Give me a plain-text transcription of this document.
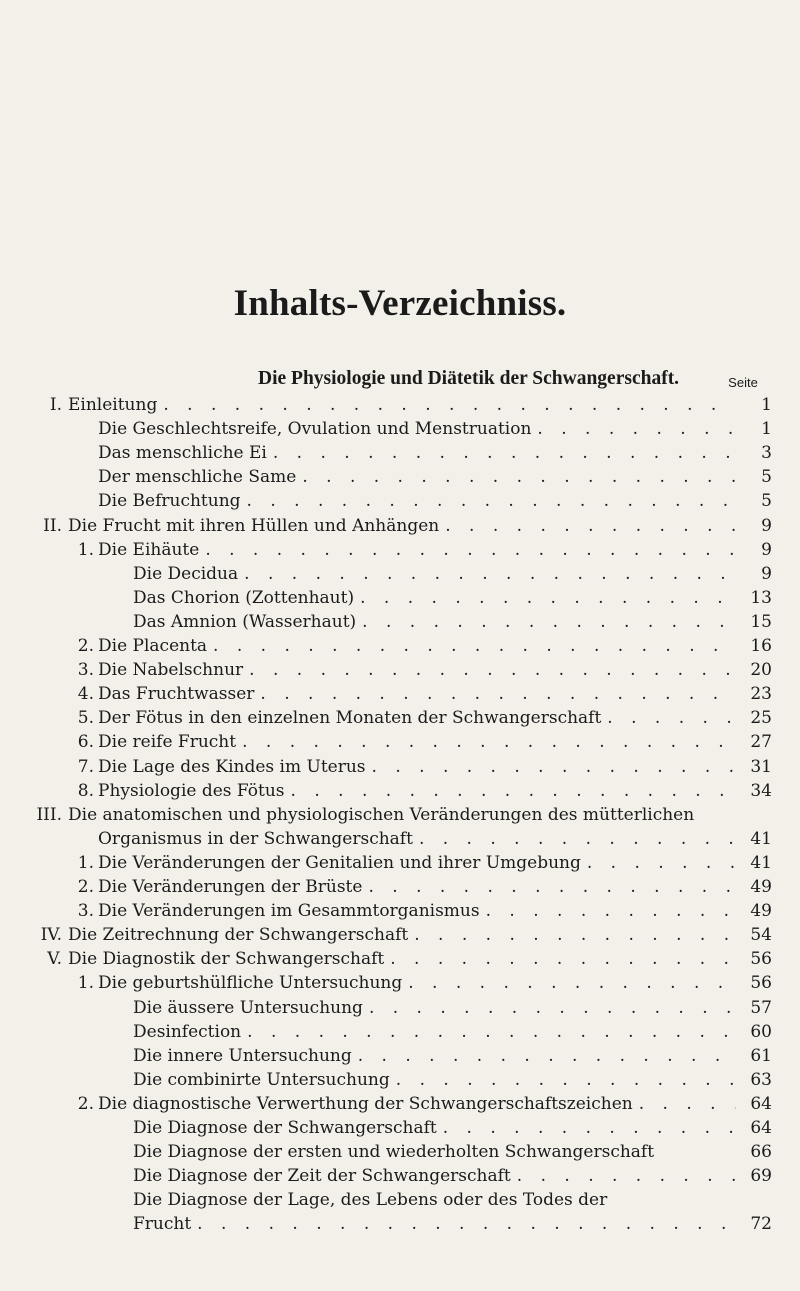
Inhalts-Verzeichniss.
Die Physiologie und Diätetik der Schwangerschaft.	Seite
I. Einleitung . . .	1
Die Geschlechtsreife, Ovulation und Menstruation . . .	1
Das menschliche Ei . . .	3
Der menschliche Same . . .	5
Die Befruchtung . . .	5
II. Die Frucht mit ihren Hüllen und Anhängen . . .	9
1. Die Eihäute . . .	9
Die Decidua . . .	9
Das Chorion (Zottenhaut) . . .	13
Das Amnion (Wasserhaut) . . .	15
2. Die Placenta . . .	16
3. Die Nabelschnur . . .	20
4. Das Fruchtwasser . . .	23
5. Der Fötus in den einzelnen Monaten der Schwangerschaft . . .	25
6. Die reife Frucht . . .	27
7. Die Lage des Kindes im Uterus . . .	31
8. Physiologie des Fötus . . .	34
III. Die anatomischen und physiologischen Veränderungen des mütterlichen
Organismus in der Schwangerschaft . . .	41
1. Die Veränderungen der Genitalien und ihrer Umgebung . . .	41
2. Die Veränderungen der Brüste . . .	49
3. Die Veränderungen im Gesammtorganismus . . .	49
IV. Die Zeitrechnung der Schwangerschaft . . .	54
V. Die Diagnostik der Schwangerschaft . . .	56
1. Die geburtshülfliche Untersuchung . . .	56
Die äussere Untersuchung . . .	57
Desinfection . . .	60
Die innere Untersuchung . . .	61
Die combinirte Untersuchung . . .	63
2. Die diagnostische Verwerthung der Schwangerschaftszeichen . . .	64
Die Diagnose der Schwangerschaft . . .	64
Die Diagnose der ersten und wiederholten Schwangerschaft	66
Die Diagnose der Zeit der Schwangerschaft . . .	69
Die Diagnose der Lage, des Lebens oder des Todes der
Frucht . . .	72
